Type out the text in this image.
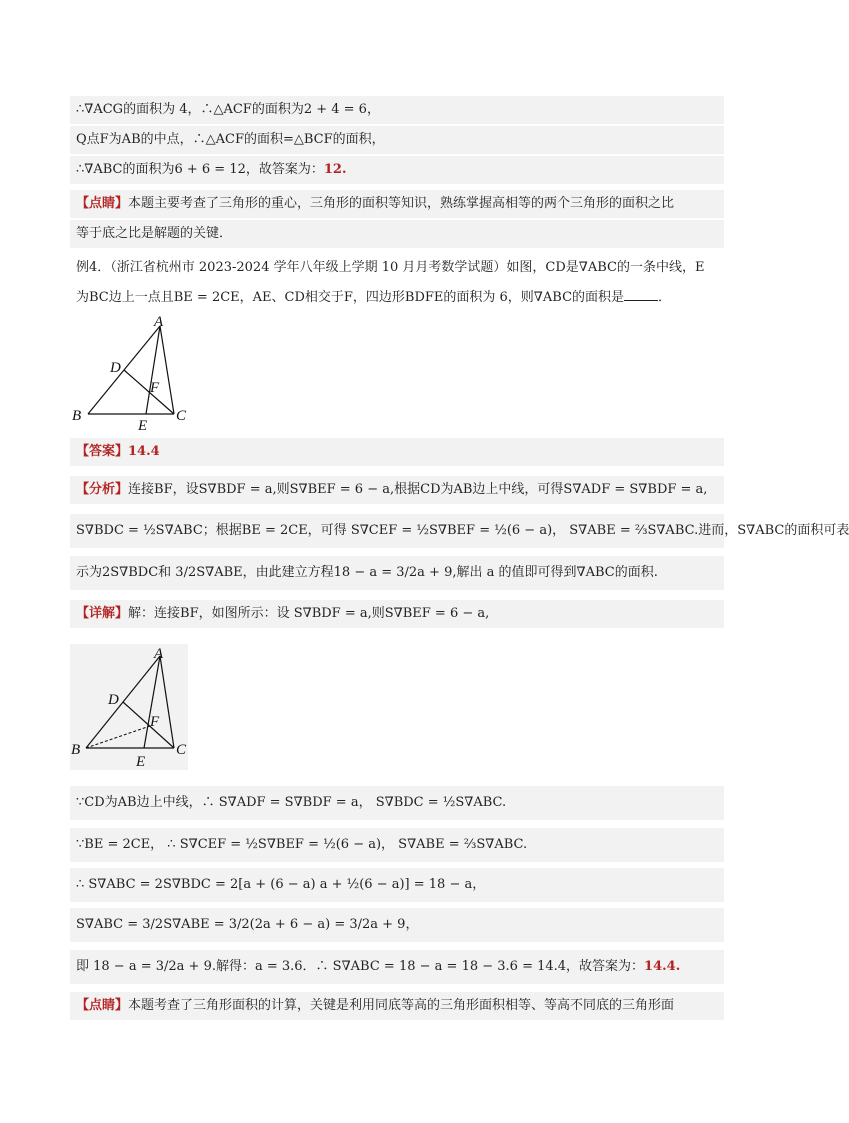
∴∇ACG的面积为 4，∴△ACF的面积为2 + 4 = 6，
Q点F为AB的中点，∴△ACF的面积=△BCF的面积，
∴∇ABC的面积为6 + 6 = 12，故答案为：12.
【点睛】本题主要考查了三角形的重心，三角形的面积等知识，熟练掌握高相等的两个三角形的面积之比
等于底之比是解题的关键．
例4．（浙江省杭州市 2023-2024 学年八年级上学期 10 月月考数学试题）如图，CD是∇ABC的一条中线，E
为BC边上一点且BE = 2CE，AE、CD相交于F，四边形BDFE的面积为 6，则∇ABC的面积是	．
A
B	C
D
E
F
【答案】14.4
【分析】连接BF，设S∇BDF = a,则S∇BEF = 6 − a,根据CD为AB边上中线，可得S∇ADF = S∇BDF = a,
S∇BDC = ½S∇ABC；根据BE = 2CE，可得 S∇CEF = ½S∇BEF = ½(6 − a)， S∇ABE = ⅔S∇ABC.进而，S∇ABC的面积可表
示为2S∇BDC和 3/2S∇ABE，由此建立方程18 − a = 3/2a + 9,解出 a 的值即可得到∇ABC的面积.
【详解】解：连接BF，如图所示：设 S∇BDF = a,则S∇BEF = 6 − a,
A
B	C
D
E
F
∵CD为AB边上中线，∴ S∇ADF = S∇BDF = a， S∇BDC = ½S∇ABC.
∵BE = 2CE， ∴ S∇CEF = ½S∇BEF = ½(6 − a)， S∇ABE = ⅔S∇ABC.
∴ S∇ABC = 2S∇BDC = 2[a + (6 − a) a + ½(6 − a)] = 18 − a，
S∇ABC = 3/2S∇ABE = 3/2(2a + 6 − a) = 3/2a + 9，
即 18 − a = 3/2a + 9.解得：a = 3.6．∴ S∇ABC = 18 − a = 18 − 3.6 = 14.4，故答案为：14.4.
【点睛】本题考查了三角形面积的计算，关键是利用同底等高的三角形面积相等、等高不同底的三角形面
